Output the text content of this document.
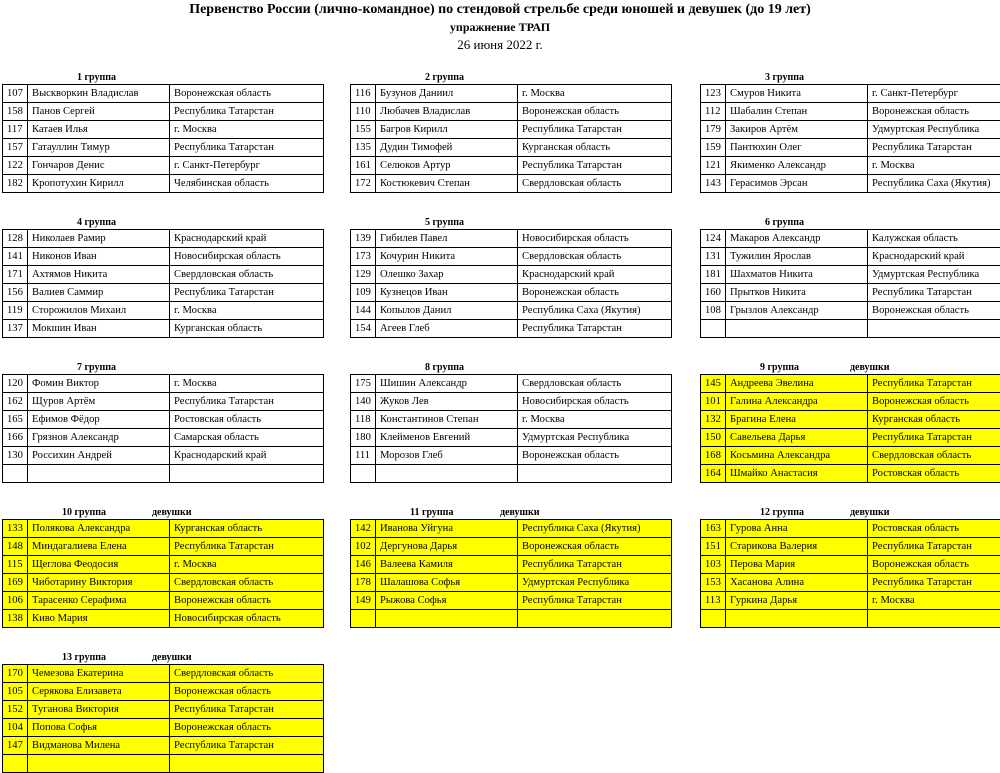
Первенство России (лично-командное) по стендовой стрельбе среди юношей и девушек (до 19 лет)
упражнение ТРАП
26 июня 2022 г.
1 группа
107	Выскворкин Владислав	Воронежская область
158	Панов Сергей	Республика Татарстан
117	Катаев Илья	г. Москва
157	Гатауллин Тимур	Республика Татарстан
122	Гончаров Денис	г. Санкт-Петербург
182	Кропотухин Кирилл	Челябинская область
2 группа
116	Бузунов Даниил	г. Москва
110	Любачев Владислав	Воронежская область
155	Багров Кирилл	Республика Татарстан
135	Дудин Тимофей	Курганская область
161	Селюков Артур	Республика Татарстан
172	Костюкевич Степан	Свердловская область
3 группа
123	Смуров Никита	г. Санкт-Петербург
112	Шабалин Степан	Воронежская область
179	Закиров Артём	Удмуртская Республика
159	Пантюхин Олег	Республика Татарстан
121	Якименко Александр	г. Москва
143	Герасимов Эрсан	Республика Саха (Якутия)
4 группа
128	Николаев Рамир	Краснодарский край
141	Никонов Иван	Новосибирская область
171	Ахтямов Никита	Свердловская область
156	Валиев Саммир	Республика Татарстан
119	Сторожилов Михаил	г. Москва
137	Мокшин Иван	Курганская область
5 группа
139	Гибилев Павел	Новосибирская область
173	Кочурин Никита	Свердловская область
129	Олешко Захар	Краснодарский край
109	Кузнецов Иван	Воронежская область
144	Копылов Данил	Республика Саха (Якутия)
154	Агеев Глеб	Республика Татарстан
6 группа
124	Макаров Александр	Калужская область
131	Тужилин Ярослав	Краснодарский край
181	Шахматов Никита	Удмуртская Республика
160	Прытков Никита	Республика Татарстан
108	Грызлов Александр	Воронежская область

7 группа
120	Фомин Виктор	г. Москва
162	Щуров Артём	Республика Татарстан
165	Ефимов Фёдор	Ростовская область
166	Грязнов Александр	Самарская область
130	Россихин Андрей	Краснодарский край

8 группа
175	Шишин Александр	Свердловская область
140	Жуков Лев	Новосибирская область
118	Константинов Степан	г. Москва
180	Клейменов Евгений	Удмуртская Республика
111	Морозов Глеб	Воронежская область

9 группа	девушки
145	Андреева Эвелина	Республика Татарстан
101	Галина Александра	Воронежская область
132	Брагина Елена	Курганская область
150	Савельева Дарья	Республика Татарстан
168	Косьмина Александра	Свердловская область
164	Шмайко Анастасия	Ростовская область
10 группа	девушки
133	Полякова Александра	Курганская область
148	Миндагалиева Елена	Республика Татарстан
115	Щеглова Феодосия	г. Москва
169	Чиботарину Виктория	Свердловская область
106	Тарасенко Серафима	Воронежская область
138	Киво Мария	Новосибирская область
11 группа	девушки
142	Иванова Уйгуна	Республика Саха (Якутия)
102	Дергунова Дарья	Воронежская область
146	Валеева Камиля	Республика Татарстан
178	Шалашова Софья	Удмуртская Республика
149	Рыжова Софья	Республика Татарстан

12 группа	девушки
163	Гурова Анна	Ростовская область
151	Старикова Валерия	Республика Татарстан
103	Перова Мария	Воронежская область
153	Хасанова Алина	Республика Татарстан
113	Гуркина Дарья	г. Москва

13 группа	девушки
170	Чемезова Екатерина	Свердловская область
105	Серякова Елизавета	Воронежская область
152	Туганова Виктория	Республика Татарстан
104	Попова Софья	Воронежская область
147	Видманова Милена	Республика Татарстан
